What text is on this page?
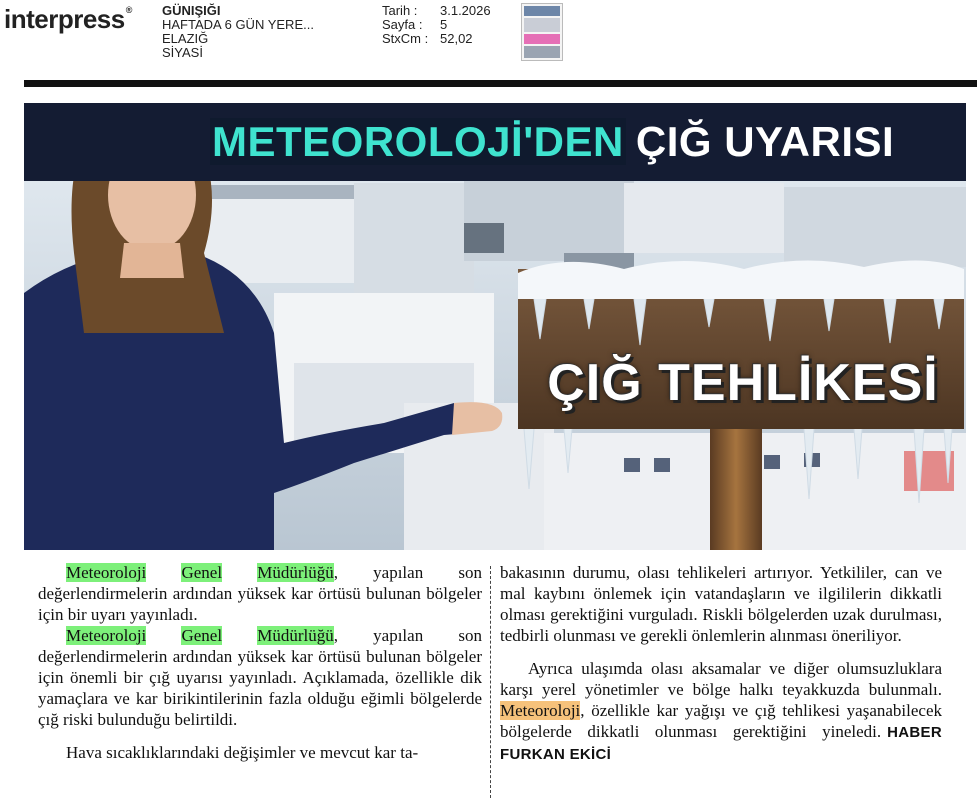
interpress® GÜNIŞIĞI
HAFTADA 6 GÜN YERE...
ELAZIĞ
SİYASİ
Tarih : 3.1.2026
Sayfa : 5
StxCm : 52,02
METEOROLOJİ'DEN ÇIĞ UYARISI
ÇIĞ TEHLİKESİ

Meteoroloji Genel Müdürlüğü, yapılan son değerlendirmelerin ardından yüksek kar örtüsü bulunan bölgeler için bir uyarı yayınladı.

Meteoroloji Genel Müdürlüğü, yapılan son değerlendirmelerin ardından yüksek kar örtüsü bulunan bölgeler için önemli bir çığ uyarısı yayınladı. Açıklamada, özellikle dik yamaçlara ve kar birikintilerinin fazla olduğu eğimli bölgelerde çığ riski bulunduğu belirtildi.

Hava sıcaklıklarındaki değişimler ve mevcut kar ta-

bakasının durumu, olası tehlikeleri artırıyor. Yetkililer, can ve mal kaybını önlemek için vatandaşların ve ilgililerin dikkatli olması gerektiğini vurguladı. Riskli bölgelerden uzak durulması, tedbirli olunması ve gerekli önlemlerin alınması öneriliyor.

Ayrıca ulaşımda olası aksamalar ve diğer olumsuzluklara karşı yerel yönetimler ve bölge halkı teyakkuzda bulunmalı. Meteoroloji, özellikle kar yağışı ve çığ tehlikesi yaşanabilecek bölgelerde dikkatli olunması gerektiğini yineledi. HABER FURKAN EKİCİ
